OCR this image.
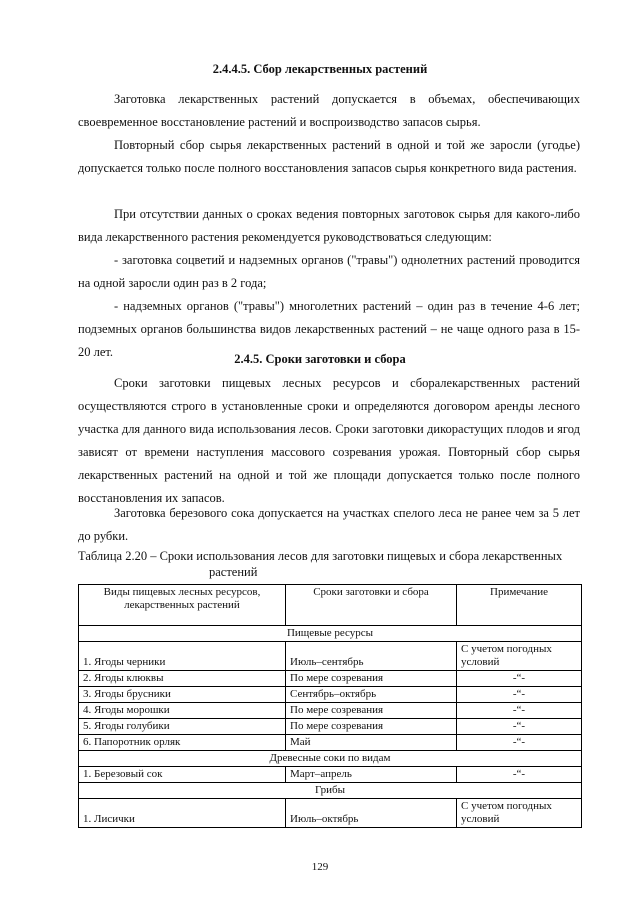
2.4.4.5. Сбор лекарственных растений

Заготовка лекарственных растений допускается в объемах, обеспечивающих своевременное восстановление растений и воспроизводство запасов сырья.

Повторный сбор сырья лекарственных растений в одной и той же заросли (угодье) допускается только после полного восстановления запасов сырья конкретного вида растения.

При отсутствии данных о сроках ведения повторных заготовок сырья для какого-либо вида лекарственного растения рекомендуется руководствоваться следующим:

- заготовка соцветий и надземных органов ("травы") однолетних растений проводится на одной заросли один раз в 2 года;

- надземных органов ("травы") многолетних растений – один раз в течение 4-6 лет; подземных органов большинства видов лекарственных растений – не чаще одного раза в 15-20 лет.	2.4.5. Сроки заготовки и сбора

Сроки заготовки пищевых лесных ресурсов и сборалекарственных растений осуществляются строго в установленные сроки и определяются договором аренды лесного участка для данного вида использования лесов. Сроки заготовки дикорастущих плодов и ягод зависят от времени наступления массового созревания урожая. Повторный сбор сырья лекарственных растений на одной и той же площади допускается только после полного восстановления их запасов.

Заготовка березового сока допускается на участках спелого леса не ранее чем за 5 лет до рубки.

Таблица 2.20 – Сроки использования лесов для заготовки пищевых и сбора лекарственных
растений

Виды пищевых лесных ресурсов, лекарственных растений	Сроки заготовки и сбора	Примечание
Пищевые ресурсы		
1. Ягоды черники	Июль–сентябрь	С учетом погодных условий
2. Ягоды клюквы	По мере созревания	-“-
3. Ягоды брусники	Сентябрь–октябрь	-“-
4. Ягоды морошки	По мере созревания	-“-
5. Ягоды голубики	По мере созревания	-“-
6. Папоротник орляк	Май	-“-
Древесные соки по видам		
1. Березовый сок	Март–апрель	-“-
Грибы		
1. Лисички	Июль–октябрь	С учетом погодных условий
129
